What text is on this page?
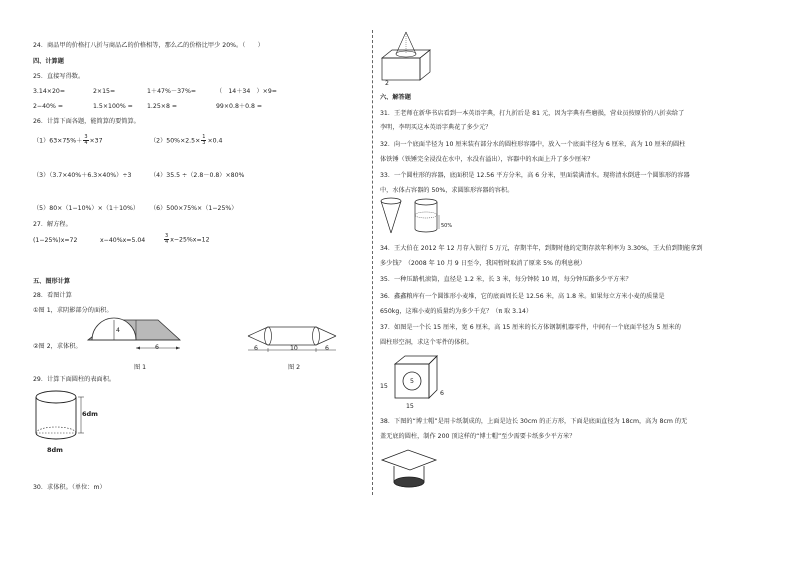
24．商品甲的价格打八折与商品乙的价格相等，那么乙的价格比甲少 20%。（　　）
四、计算题
25．直接写得数。
3.14×20=	2×15=	1＋47%－37%=	（　14＋34　）×9=
2−40% =	1.5×100% = 1.25×8 =	99×0.8＋0.8 =
26．计算下面各题，能简算的要简算。
$(1)63\times 75\%+ \frac{3}{4} \times 37$	$(2)50\%\times 2.5\times \frac{1}{3} \times 0.4$
（3）（3.7×40%＋6.3×40%）÷3	（4）35.5 ÷（2.8－0.8）×80%
（5）80×（1−10%）×（1＋10%） （6）500×75%×（1−25%）
27．解方程。
(1−25%)x=72	x−40%x=5.04	$\frac{3}{4} x-25\%x=12$
五、图形计算
28．看图计算
①图 1，求阴影部分的面积。
②图 2，求体积。
4
6
图 1
6	10	6
图 2
29．计算下面圆柱的表面积。
6dm
8dm
30．求体积。（单位：m）
2
六、解答题
31．王老师在新华书店看到一本英语字典，打九折后是 81 元，因为字典有些磨损，营业员按原价的八折卖给了
李明，李明买这本英语字典花了多少元？
32．向一个底面半径为 10 厘米装有部分水的圆柱形容器中，放入一个底面半径为 6 厘米，高为 10 厘米的圆柱
体铁锤（铁锤完全浸没在水中，水没有溢出），容器中的水面上升了多少厘米？
33．一个圆柱形的容器，底面积是 12.56 平方分米，高 6 分米，里面装满清水。现将清水倒进一个圆锥形的容器
中，水体占容器的 50%，求圆锥形容器的容积。
50%
34．王大伯在 2012 年 12 月存入银行 5 万元，存期半年，到期时他的定期存款年利率为 3.30%，王大伯到期能拿到
多少钱？（2008 年 10 月 9 日至今，我国暂时取消了原来 5% 的利息税）
35．一种压路机滚筒，直径是 1.2 米，长 3 米，每分钟转 10 周，每分钟压路多少平方米？
36．鑫鑫粮库有一个圆锥形小麦堆，它的底面周长是 12.56 米，高 1.8 米。如果每立方米小麦的质量是
650kg，这堆小麦的质量约为多少千克？（π 取 3.14）
37．如图是一个长 15 厘米，宽 6 厘米，高 15 厘米的长方体钢制机器零件，中间有一个底面半径为 5 厘米的
圆柱形空洞，求这个零件的体积。
15
15
5
6
38．下图的“博士帽”是用卡纸制成的，上面是边长 30cm 的正方形，下面是底面直径为 18cm，高为 8cm 的无
盖无底的圆柱，制作 200 顶这样的“博士帽”至少需要卡纸多少平方米？
